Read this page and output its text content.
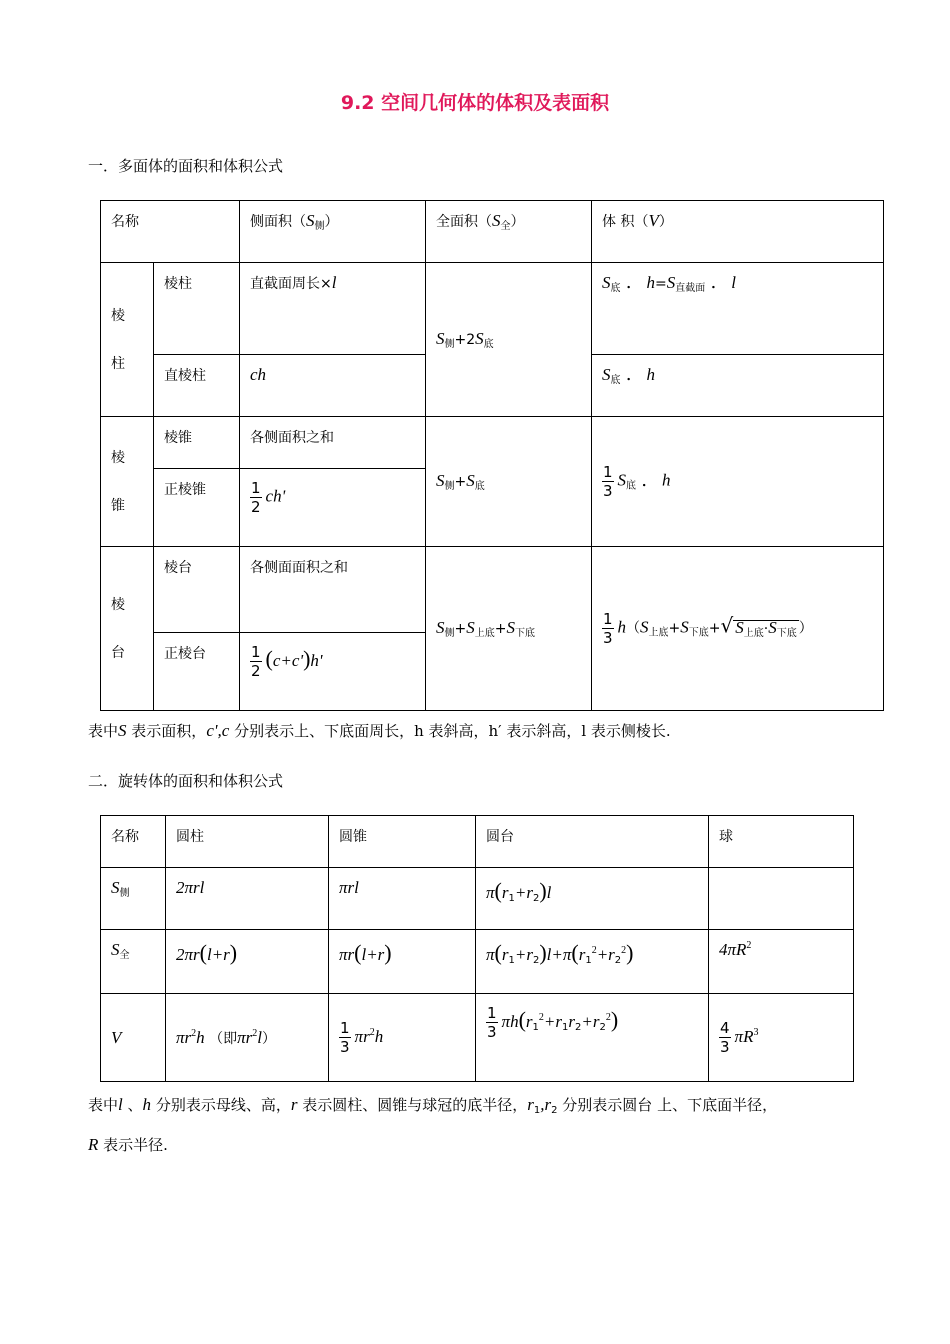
9.2 空间几何体的体积及表面积
一．多面体的面积和体积公式
名称		侧面积$(S_侧)$	全面积$(S_全)$	体 积（V）
棱
柱	棱柱	直截面周长×l	$S_侧+2S_底$	$S_底$ ． $h=S_{直截面}$ ． l
	直棱柱	ch		$S_底$ ． h
棱
锥	棱锥	各侧面积之和	$S_侧+S_底$	$\frac{1}{3} S_底$ ． h
	正棱锥	$\frac{1}{2} ch'$		
棱
台	棱台	各侧面面积之和	$S_侧+S_{上底}+S_{下底}$	$\frac{1}{3} h(S_{上底}+S_{下底}+√$ $S_{上底}\cdot S_{下底}$ ）
	正棱台	$\frac{1}{2} (c+c')h'$		
表中S 表示面积，c',c 分别表示上、下底面周长，h 表斜高，h′ 表示斜高，l 表示侧棱长.
二．旋转体的面积和体积公式
名称	圆柱	圆锥	圆台	球
$S_侧$	2πrl	πrl	$\pi(r_1+r_2)l$	
$S_全$	2πr(l+r)	πr(l+r)	$\pi(r_1+r_2)l+\pi(r_1^2+r_2^2)$	$4\pi R^2$
V	$\pi r^2h$ （即$\pi r^2l$）	$\frac{1}{3} \pi r^2h$	$\frac{1}{3} \pi h(r_1^2+r_1r_2+r_2^2)$	$\frac{4}{3} \pi R^3$
表中l 、h 分别表示母线、高，r 表示圆柱、圆锥与球冠的底半径，$r_1,r_2$ 分别表示圆台 上、下底面半径，
R 表示半径.
